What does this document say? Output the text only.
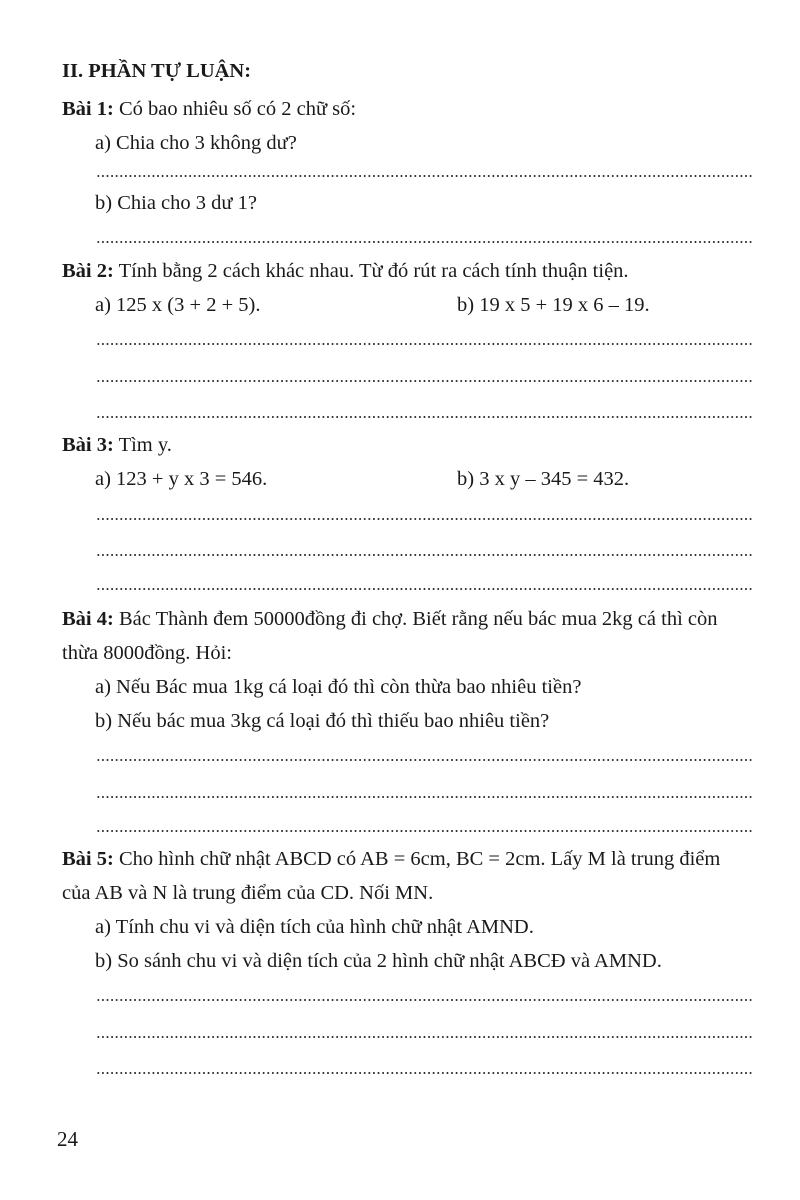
II. PHẦN TỰ LUẬN:
Bài 1: Có bao nhiêu số có 2 chữ số:
a) Chia cho 3 không dư?
b) Chia cho 3 dư 1?
Bài 2: Tính bằng 2 cách khác nhau. Từ đó rút ra cách tính thuận tiện.
a) 125 x (3 + 2 + 5).	b) 19 x 5 + 19 x 6 – 19.
Bài 3: Tìm y.
a) 123 + y x 3 = 546.	b) 3 x y – 345 = 432.
Bài 4: Bác Thành đem 50000đồng đi chợ. Biết rằng nếu bác mua 2kg cá thì còn
thừa 8000đồng. Hỏi:
a) Nếu Bác mua 1kg cá loại đó thì còn thừa bao nhiêu tiền?
b) Nếu bác mua 3kg cá loại đó thì thiếu bao nhiêu tiền?
Bài 5: Cho hình chữ nhật ABCD có AB = 6cm, BC = 2cm. Lấy M là trung điểm
của AB và N là trung điểm của CD. Nối MN.
a) Tính chu vi và diện tích của hình chữ nhật AMND.
b) So sánh chu vi và diện tích của 2 hình chữ nhật ABCĐ và AMND.
24
